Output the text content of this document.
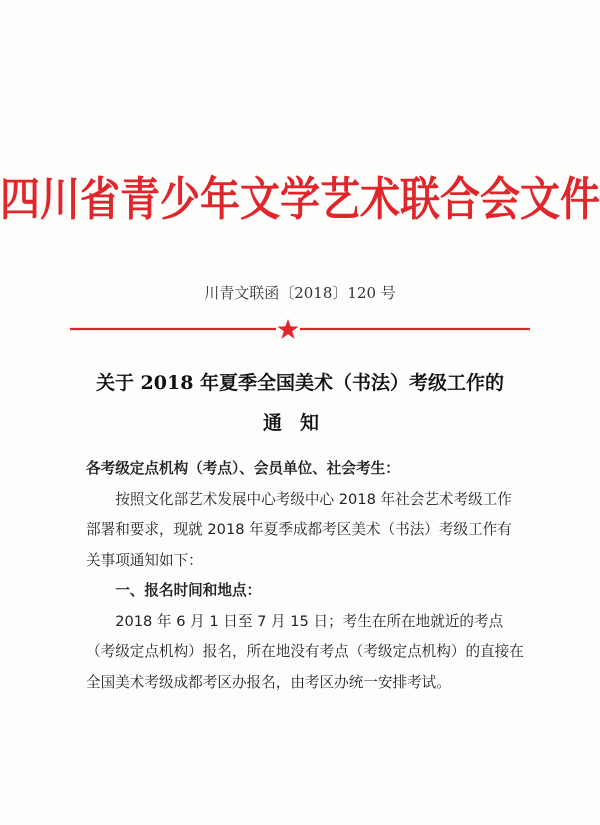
四川省青少年文学艺术联合会文件
川青文联函〔2018〕120 号
关于 2018 年夏季全国美术（书法）考级工作的
通知

各考级定点机构（考点）、会员单位、社会考生：

按照文化部艺术发展中心考级中心 2018 年社会艺术考级工作部署和要求，现就 2018 年夏季成都考区美术（书法）考级工作有关事项通知如下：

一、报名时间和地点：

2018 年 6 月 1 日至 7 月 15 日；考生在所在地就近的考点（考级定点机构）报名，所在地没有考点（考级定点机构）的直接在全国美术考级成都考区办报名，由考区办统一安排考试。
